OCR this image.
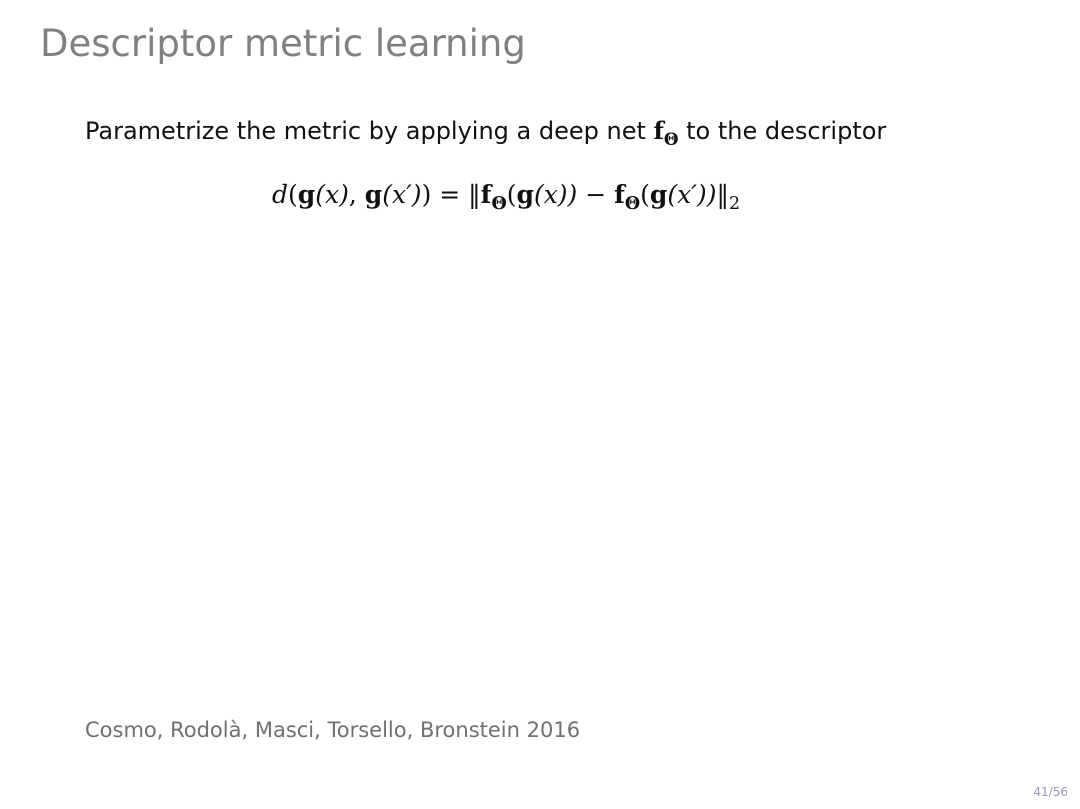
Descriptor metric learning
Parametrize the metric by applying a deep net $f_\Theta$ to the descriptor
d(g(x), $g(x')) = ‖f_\Theta(g(x))$ − $f_\Theta(g(x'))‖_2$
Cosmo, Rodolà, Masci, Torsello, Bronstein 2016
41/56
